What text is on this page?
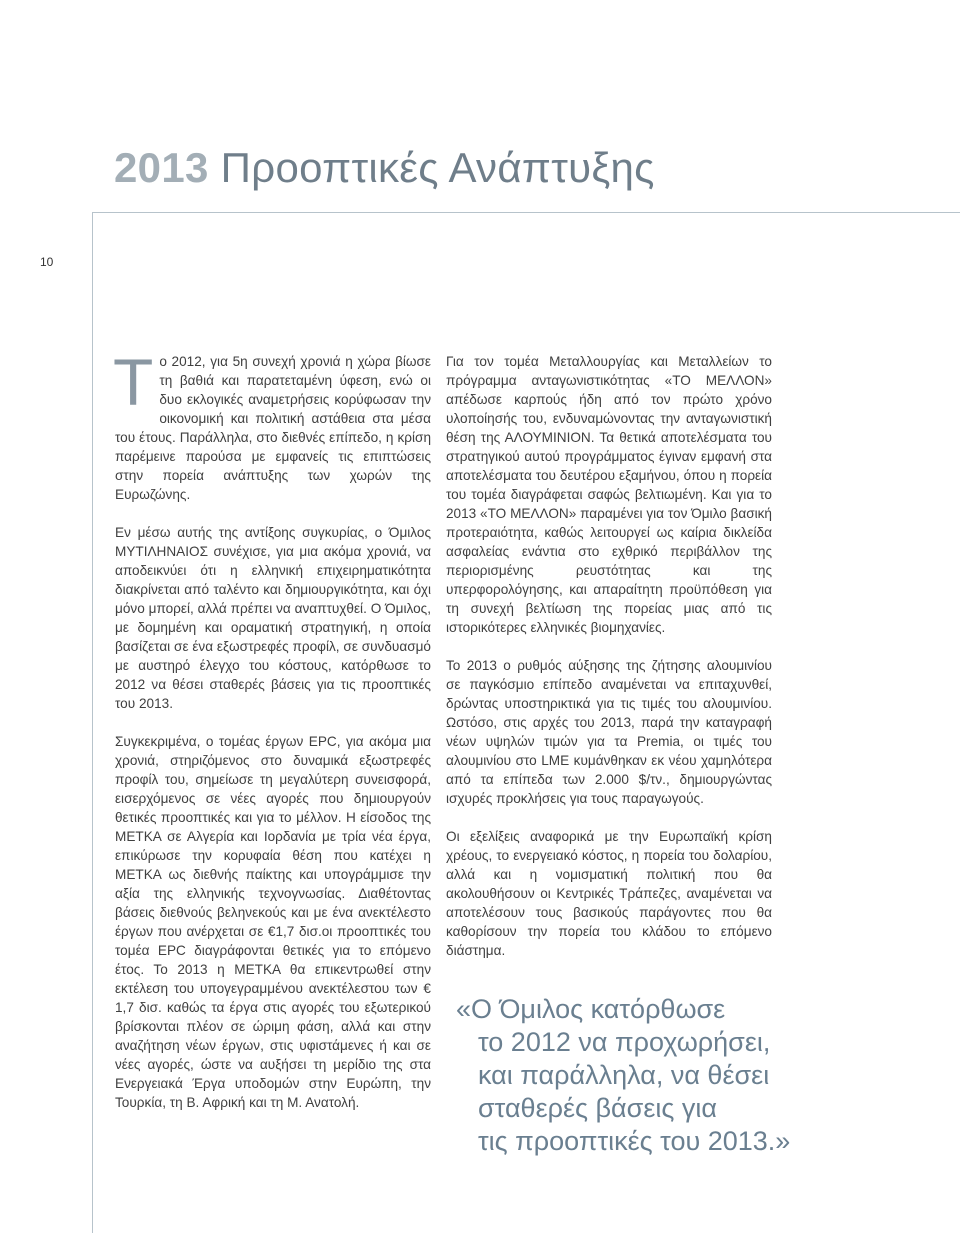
2013 Προοπτικές Ανάπτυξης
10

Tο 2012, για 5η συνεχή χρονιά η χώρα βίωσε τη βαθιά και παρατεταμένη ύφεση, ενώ οι δυο εκλογικές αναμετρήσεις κορύφωσαν την οικονομική και πολιτική αστάθεια στα μέσα του έτους. Παράλληλα, στο διεθνές επίπεδο, η κρίση παρέμεινε παρούσα με εμφανείς τις επιπτώσεις στην πορεία ανάπτυξης των χωρών της Ευρωζώνης.

Εν μέσω αυτής της αντίξοης συγκυρίας, ο Όμιλος ΜΥΤΙΛΗΝΑΙΟΣ συνέχισε, για μια ακόμα χρονιά, να αποδεικνύει ότι η ελληνική επιχειρηματικότητα διακρίνεται από ταλέντο και δημιουργικότητα, και όχι μόνο μπορεί, αλλά πρέπει να αναπτυχθεί. Ο Όμιλος, με δομημένη και οραματική στρατηγική, η οποία βασίζεται σε ένα εξωστρεφές προφίλ, σε συνδυασμό με αυστηρό έλεγχο του κόστους, κατόρθωσε το 2012 να θέσει σταθερές βάσεις για τις προοπτικές του 2013.

Συγκεκριμένα, ο τομέας έργων EPC, για ακόμα μια χρονιά, στηριζόμενος στο δυναμικά εξωστρεφές προφίλ του, σημείωσε τη μεγαλύτερη συνεισφορά, εισερχόμενος σε νέες αγορές που δημιουργούν θετικές προοπτικές και για το μέλλον. Η είσοδος της ΜΕΤΚΑ σε Αλγερία και Ιορδανία με τρία νέα έργα, επικύρωσε την κορυφαία θέση που κατέχει η ΜΕΤΚΑ ως διεθνής παίκτης και υπογράμμισε την αξία της ελληνικής τεχνογνωσίας. Διαθέτοντας βάσεις διεθνούς βεληνεκούς και με ένα ανεκτέλεστο έργων που ανέρχεται σε €1,7 δισ.οι προοπτικές του τομέα EPC διαγράφονται θετικές για το επόμενο έτος. Το 2013 η ΜΕΤΚΑ θα επικεντρωθεί στην εκτέλεση του υπογεγραμμένου ανεκτέλεστου των € 1,7 δισ. καθώς τα έργα στις αγορές του εξωτερικού βρίσκονται πλέον σε ώριμη φάση, αλλά και στην αναζήτηση νέων έργων, στις υφιστάμενες ή και σε νέες αγορές, ώστε να αυξήσει τη μερίδιο της στα Ενεργειακά Έργα υποδομών στην Ευρώπη, την Τουρκία, τη Β. Αφρική και τη Μ. Ανατολή.

Για τον τομέα Μεταλλουργίας και Μεταλλείων το πρόγραμμα ανταγωνιστικότητας «ΤΟ ΜΕΛΛΟΝ» απέδωσε καρπούς ήδη από τον πρώτο χρόνο υλοποίησής του, ενδυναμώνοντας την ανταγωνιστική θέση της ΑΛΟΥΜΙΝΙΟΝ. Τα θετικά αποτελέσματα του στρατηγικού αυτού προγράμματος έγιναν εμφανή στα αποτελέσματα του δευτέρου εξαμήνου, όπου η πορεία του τομέα διαγράφεται σαφώς βελτιωμένη. Και για το 2013 «ΤΟ ΜΕΛΛΟΝ» παραμένει για τον Όμιλο βασική προτεραιότητα, καθώς λειτουργεί ως καίρια δικλείδα ασφαλείας ενάντια στο εχθρικό περιβάλλον της περιορισμένης ρευστότητας και της υπερφορολόγησης, και απαραίτητη προϋπόθεση για τη συνεχή βελτίωση της πορείας μιας από τις ιστορικότερες ελληνικές βιομηχανίες.

Το 2013 ο ρυθμός αύξησης της ζήτησης αλουμινίου σε παγκόσμιο επίπεδο αναμένεται να επιταχυνθεί, δρώντας υποστηρικτικά για τις τιμές του αλουμινίου. Ωστόσο, στις αρχές του 2013, παρά την καταγραφή νέων υψηλών τιμών για τα Premia, οι τιμές του αλουμινίου στο LME κυμάνθηκαν εκ νέου χαμηλότερα από τα επίπεδα των 2.000 $/τν., δημιουργώντας ισχυρές προκλήσεις για τους παραγωγούς.

Οι εξελίξεις αναφορικά με την Ευρωπαϊκή κρίση χρέους, το ενεργειακό κόστος, η πορεία του δολαρίου, αλλά και η νομισματική πολιτική που θα ακολουθήσουν οι Κεντρικές Τράπεζες, αναμένεται να αποτελέσουν τους βασικούς παράγοντες που θα καθορίσουν την πορεία του κλάδου το επόμενο διάστημα.

«Ο Όμιλος κατόρθωσε
το 2012 να προχωρήσει,
και παράλληλα, να θέσει
σταθερές βάσεις για
τις προοπτικές του 2013.»
